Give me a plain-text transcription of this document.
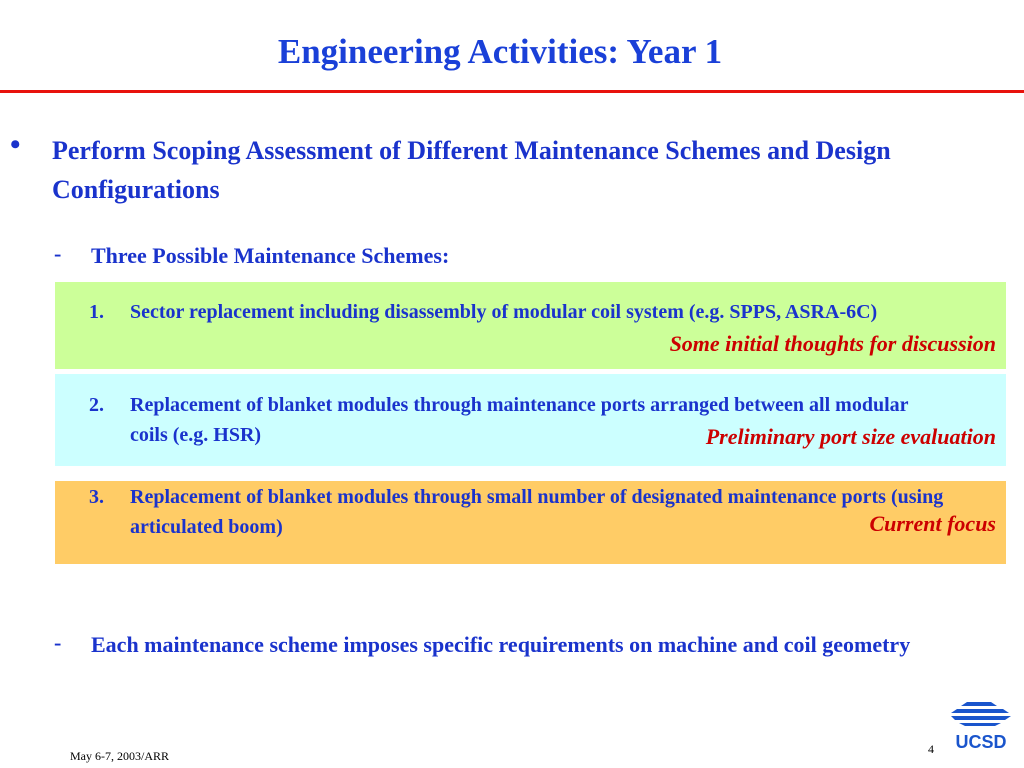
Engineering Activities: Year 1
• Perform Scoping Assessment of Different Maintenance Schemes and Design Configurations
- Three Possible Maintenance Schemes:
1. Sector replacement including disassembly of modular coil system (e.g. SPPS, ASRA-6C)
Some initial thoughts for discussion
2. Replacement of blanket modules through maintenance ports arranged between all modular coils (e.g. HSR)	Preliminary port size evaluation
3. Replacement of blanket modules through small number of designated maintenance ports (using articulated boom)	Current focus
- Each maintenance scheme imposes specific requirements on machine and coil geometry
May 6-7, 2003/ARR	4 UCSD
